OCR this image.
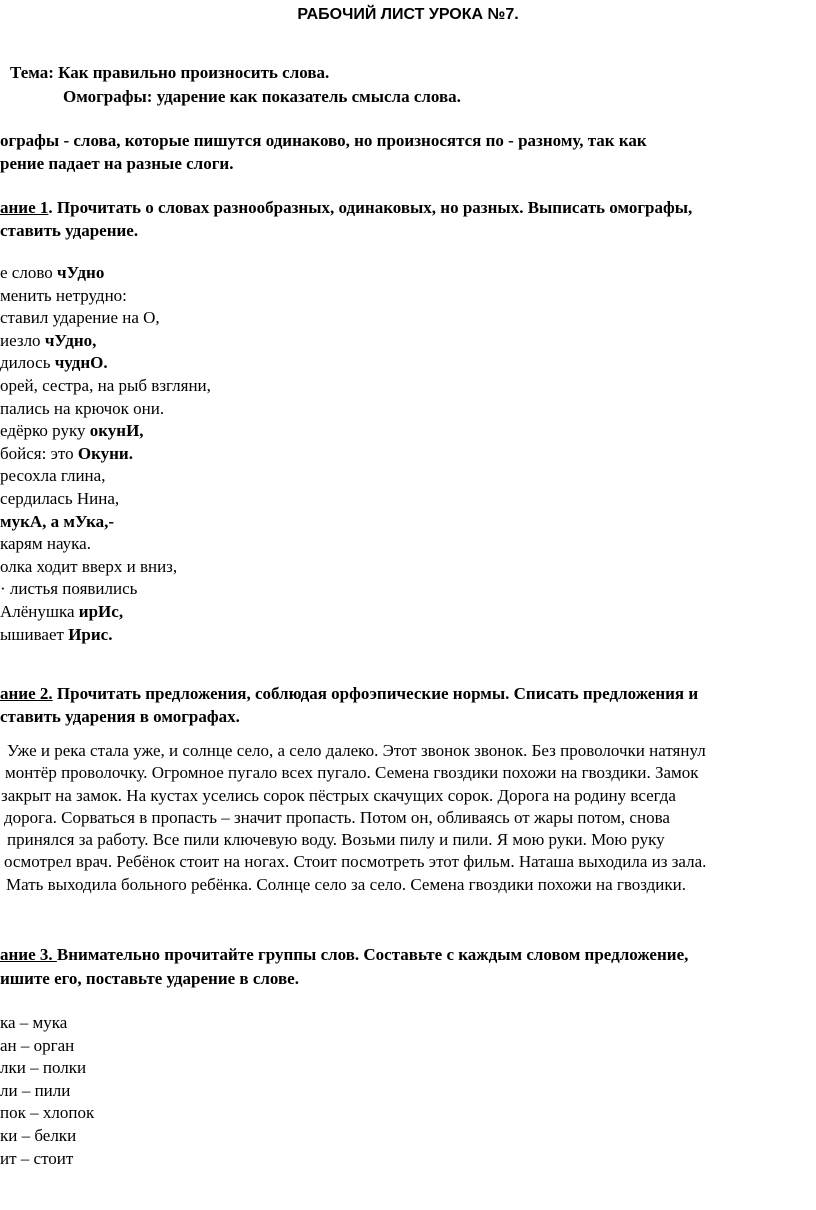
РАБОЧИЙ ЛИСТ УРОКА №7.
Тема: Как правильно произносить слова.
Омографы: ударение как показатель смысла слова.
ографы - слова, которые пишутся одинаково, но произносятся по - разному, так как
рение падает на разные слоги.
ание 1. Прочитать о словах разнообразных, одинаковых, но разных. Выписать омографы,
ставить ударение.
е слово чУдно
менить нетрудно:
ставил ударение на О,
иезло чУдно,
дилось чуднО.
орей, сестра, на рыб взгляни,
пались на крючок они.
едёрко руку окунИ,
бойся: это Окуни.
ресохла глина,
сердилась Нина,
мукА, а мУка,-
карям наука.
олка ходит вверх и вниз,
· листья появились
Алёнушка ирИс,
ышивает Ирис.
ание 2. Прочитать предложения, соблюдая орфоэпические нормы. Списать предложения и
ставить ударения в омографах.
Уже и река стала уже, и солнце село, а село далеко. Этот звонок звонок. Без проволочки натянул
монтёр проволочку. Огромное пугало всех пугало. Семена гвоздики похожи на гвоздики. Замок
закрыт на замок. На кустах уселись сорок пёстрых скачущих сорок. Дорога на родину всегда
дорога. Сорваться в пропасть – значит пропасть. Потом он, обливаясь от жары потом, снова
принялся за работу. Все пили ключевую воду. Возьми пилу и пили. Я мою руки. Мою руку
осмотрел врач. Ребёнок стоит на ногах. Стоит посмотреть этот фильм. Наташа выходила из зала.
Мать выходила больного ребёнка. Солнце село за село. Семена гвоздики похожи на гвоздики.
ание 3. Внимательно прочитайте группы слов. Составьте с каждым словом предложение,
ишите его, поставьте ударение в слове.
ка – мука
ан – орган
лки – полки
ли – пили
пок – хлопок
ки – белки
ит – стоит
